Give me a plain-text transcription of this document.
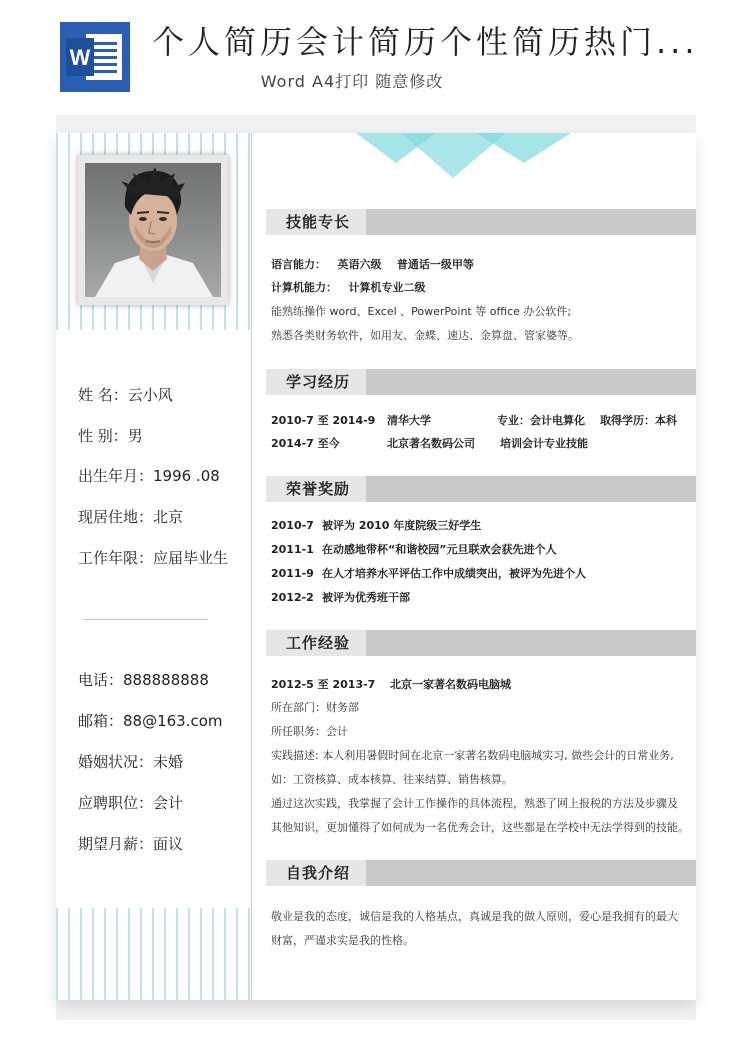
W 个人简历会计简历个性简历热门...
Word A4打印 随意修改
姓 名：云小风
性 别：男
出生年月：1996 .08
现居住地：北京
工作年限：应届毕业生
电话：888888888
邮箱：88@163.com
婚姻状况：未婚
应聘职位：会计
期望月薪：面议
技能专长
语言能力： 英语六级 普通话一级甲等
计算机能力： 计算机专业二级
能熟练操作 word、Excel 、PowerPoint 等 office 办公软件;
熟悉各类财务软件，如用友、金蝶、速达、金算盘、管家婆等。
学习经历
2010-7 至 2014-9 清华大学	专业：会计电算化 取得学历：本科
2014-7 至今	北京著名数码公司 培训会计专业技能
荣誉奖励
2010-7 被评为 2010 年度院级三好学生
2011-1 在动感地带杯“和谐校园”元旦联欢会获先进个人
2011-9 在人才培养水平评估工作中成绩突出，被评为先进个人
2012-2 被评为优秀班干部
工作经验
2012-5 至 2013-7 北京一家著名数码电脑城
所在部门：财务部
所任职务：会计
实践描述: 本人利用暑假时间在北京一家著名数码电脑城实习, 做些会计的日常业务,
如：工资核算、成本核算、往来结算、销售核算。
通过这次实践，我掌握了会计工作操作的具体流程，熟悉了网上报税的方法及步骤及
其他知识，更加懂得了如何成为一名优秀会计，这些都是在学校中无法学得到的技能。
自我介绍
敬业是我的态度，诚信是我的人格基点，真诚是我的做人原则，爱心是我拥有的最大
财富，严谨求实是我的性格。
